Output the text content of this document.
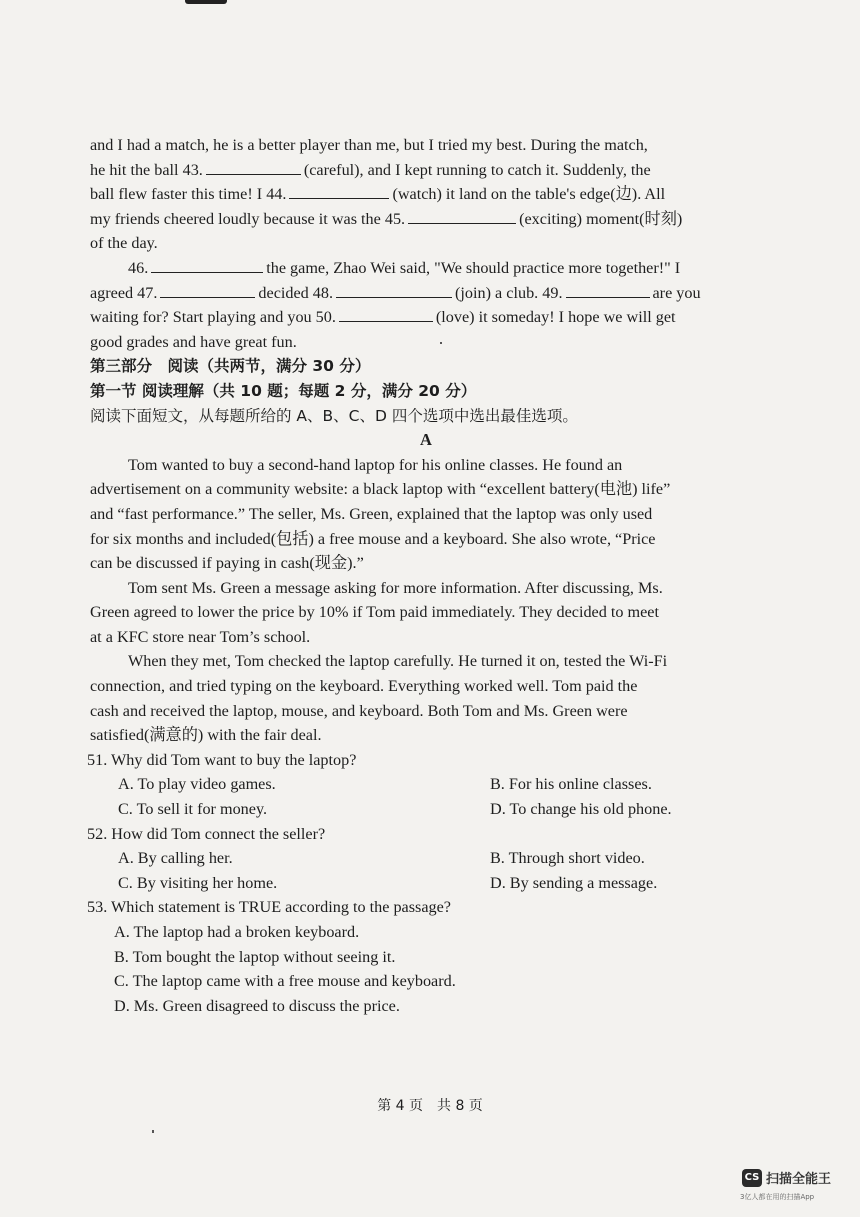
and I had a match, he is a better player than me, but I tried my best. During the match,
he hit the ball 43.	(careful), and I kept running to catch it. Suddenly, the
ball flew faster this time! I 44.	(watch) it land on the table's edge(边). All
my friends cheered loudly because it was the 45.	(exciting) moment(时刻)
of the day.
46.	the game, Zhao Wei said, "We should practice more together!" I
agreed 47.	decided 48.	(join) a club. 49.	are you
waiting for? Start playing and you 50.	(love) it someday! I hope we will get
good grades and have great fun.
第三部分　阅读（共两节，满分 30 分）
第一节 阅读理解（共 10 题；每题 2 分，满分 20 分）
阅读下面短文，从每题所给的 A、B、C、D 四个选项中选出最佳选项。
A
Tom wanted to buy a second-hand laptop for his online classes. He found an
advertisement on a community website: a black laptop with “excellent battery(电池) life”
and “fast performance.” The seller, Ms. Green, explained that the laptop was only used
for six months and included(包括) a free mouse and a keyboard. She also wrote, “Price
can be discussed if paying in cash(现金).”
Tom sent Ms. Green a message asking for more information. After discussing, Ms.
Green agreed to lower the price by 10% if Tom paid immediately. They decided to meet
at a KFC store near Tom’s school.
When they met, Tom checked the laptop carefully. He turned it on, tested the Wi-Fi
connection, and tried typing on the keyboard. Everything worked well. Tom paid the
cash and received the laptop, mouse, and keyboard. Both Tom and Ms. Green were
satisfied(满意的) with the fair deal.
51. Why did Tom want to buy the laptop?
A. To play video games.	B. For his online classes.
C. To sell it for money.	D. To change his old phone.
52. How did Tom connect the seller?
A. By calling her.	B. Through short video.
C. By visiting her home.	D. By sending a message.
53. Which statement is TRUE according to the passage?
A. The laptop had a broken keyboard.
B. Tom bought the laptop without seeing it.
C. The laptop came with a free mouse and keyboard.
D. Ms. Green disagreed to discuss the price.
第 4 页　共 8 页
CS 扫描全能王
3亿人都在用的扫描App
